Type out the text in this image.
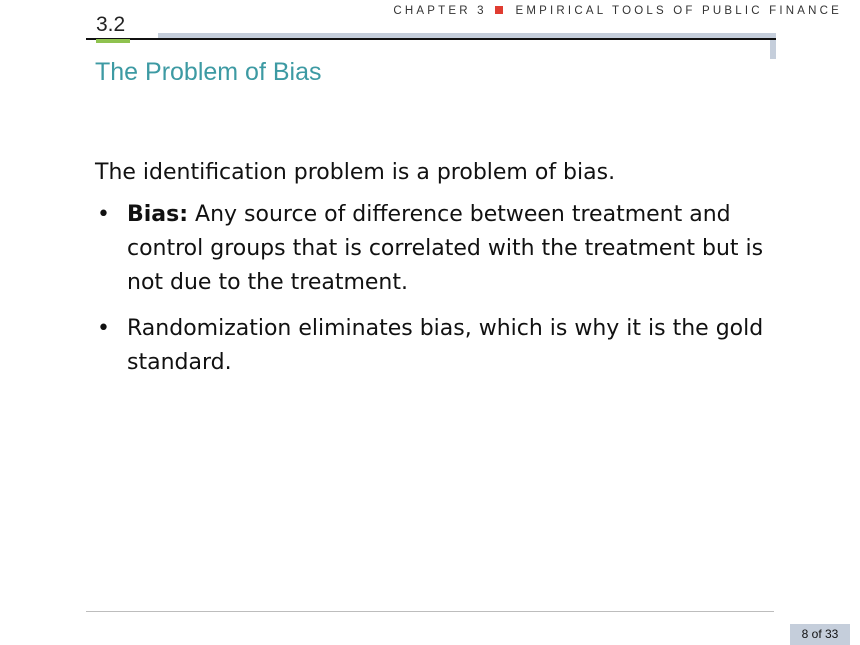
CHAPTER 3	EMPIRICAL TOOLS OF PUBLIC FINANCE
3.2
The Problem of Bias

The identification problem is a problem of bias.

• Bias: Any source of difference between treatment and control groups that is correlated with the treatment but is not due to the treatment.

• Randomization eliminates bias, which is why it is the gold standard.

8 of 33
